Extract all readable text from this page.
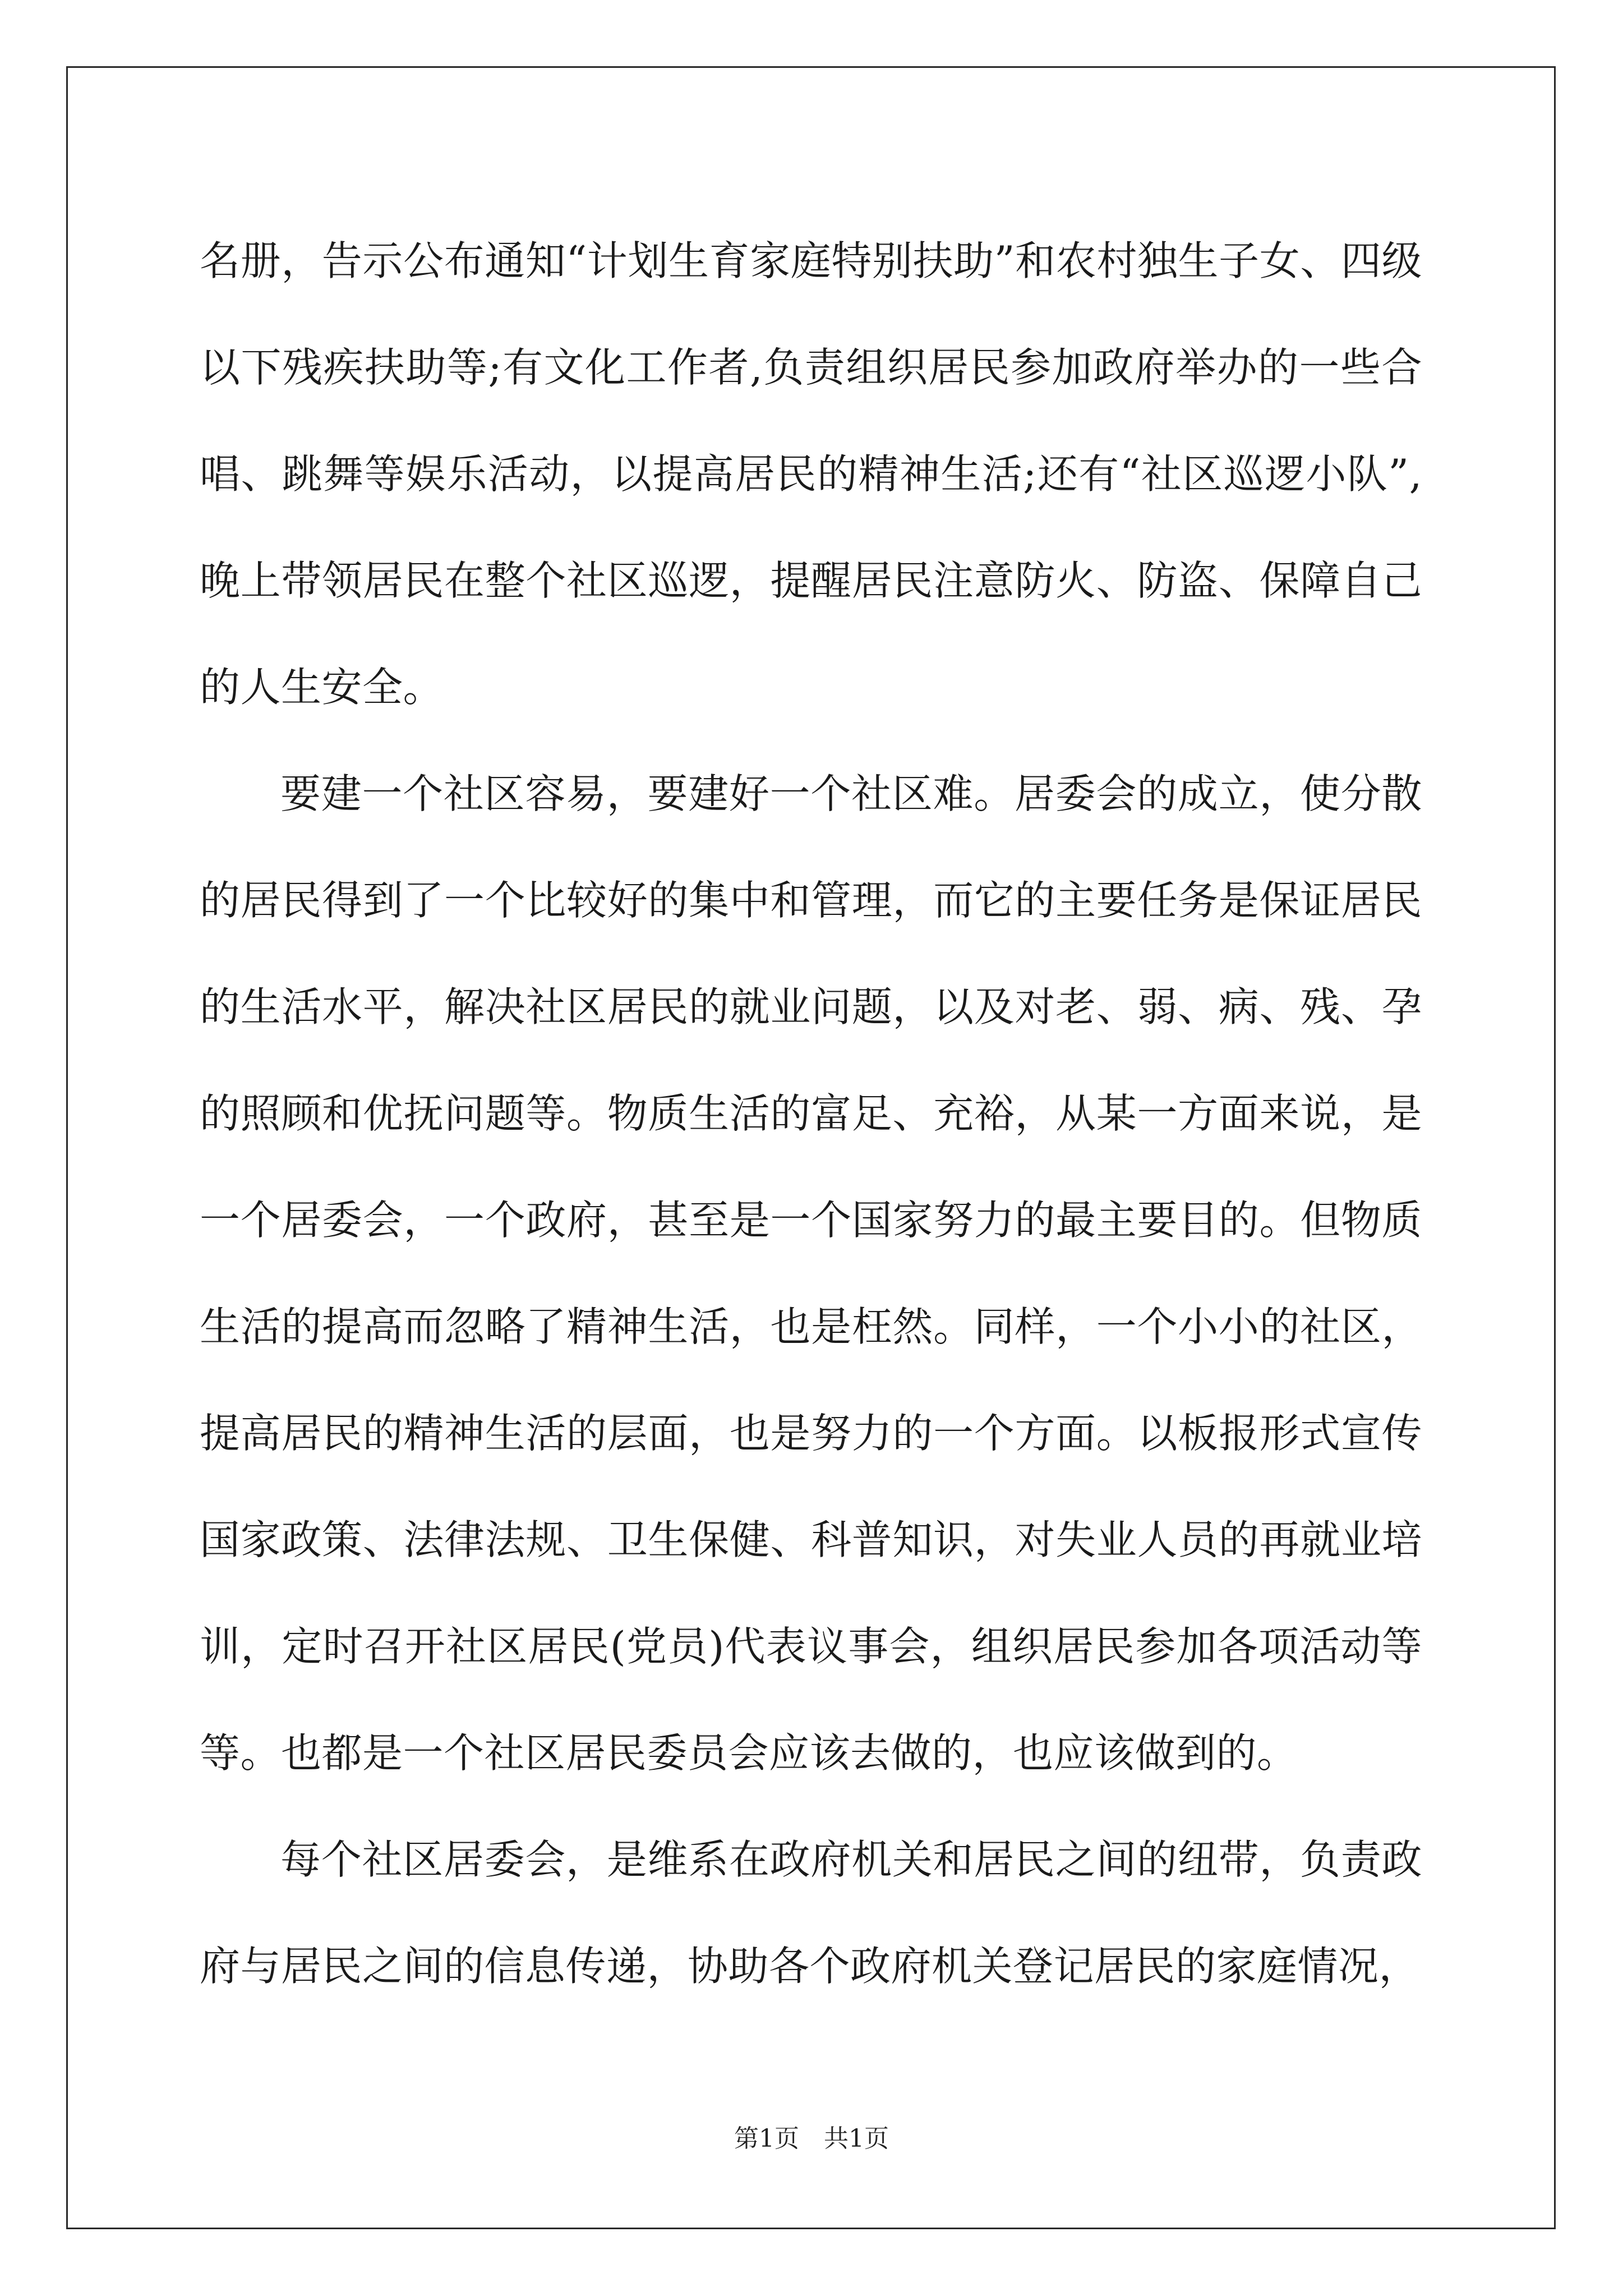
名册，告示公布通知“计划生育家庭特别扶助”和农村独生子女、四级以下残疾扶助等;有文化工作者,负责组织居民参加政府举办的一些合唱、跳舞等娱乐活动，以提高居民的精神生活;还有“社区巡逻小队”,晚上带领居民在整个社区巡逻，提醒居民注意防火、防盗、保障自己的人生安全。

要建一个社区容易，要建好一个社区难。居委会的成立，使分散的居民得到了一个比较好的集中和管理，而它的主要任务是保证居民的生活水平，解决社区居民的就业问题，以及对老、弱、病、残、孕的照顾和优抚问题等。物质生活的富足、充裕，从某一方面来说，是一个居委会，一个政府，甚至是一个国家努力的最主要目的。但物质生活的提高而忽略了精神生活，也是枉然。同样，一个小小的社区，提高居民的精神生活的层面，也是努力的一个方面。以板报形式宣传国家政策、法律法规、卫生保健、科普知识，对失业人员的再就业培训，定时召开社区居民(党员)代表议事会，组织居民参加各项活动等等。也都是一个社区居民委员会应该去做的，也应该做到的。

每个社区居委会，是维系在政府机关和居民之间的纽带，负责政府与居民之间的信息传递，协助各个政府机关登记居民的家庭情况，

第1页　共1页
